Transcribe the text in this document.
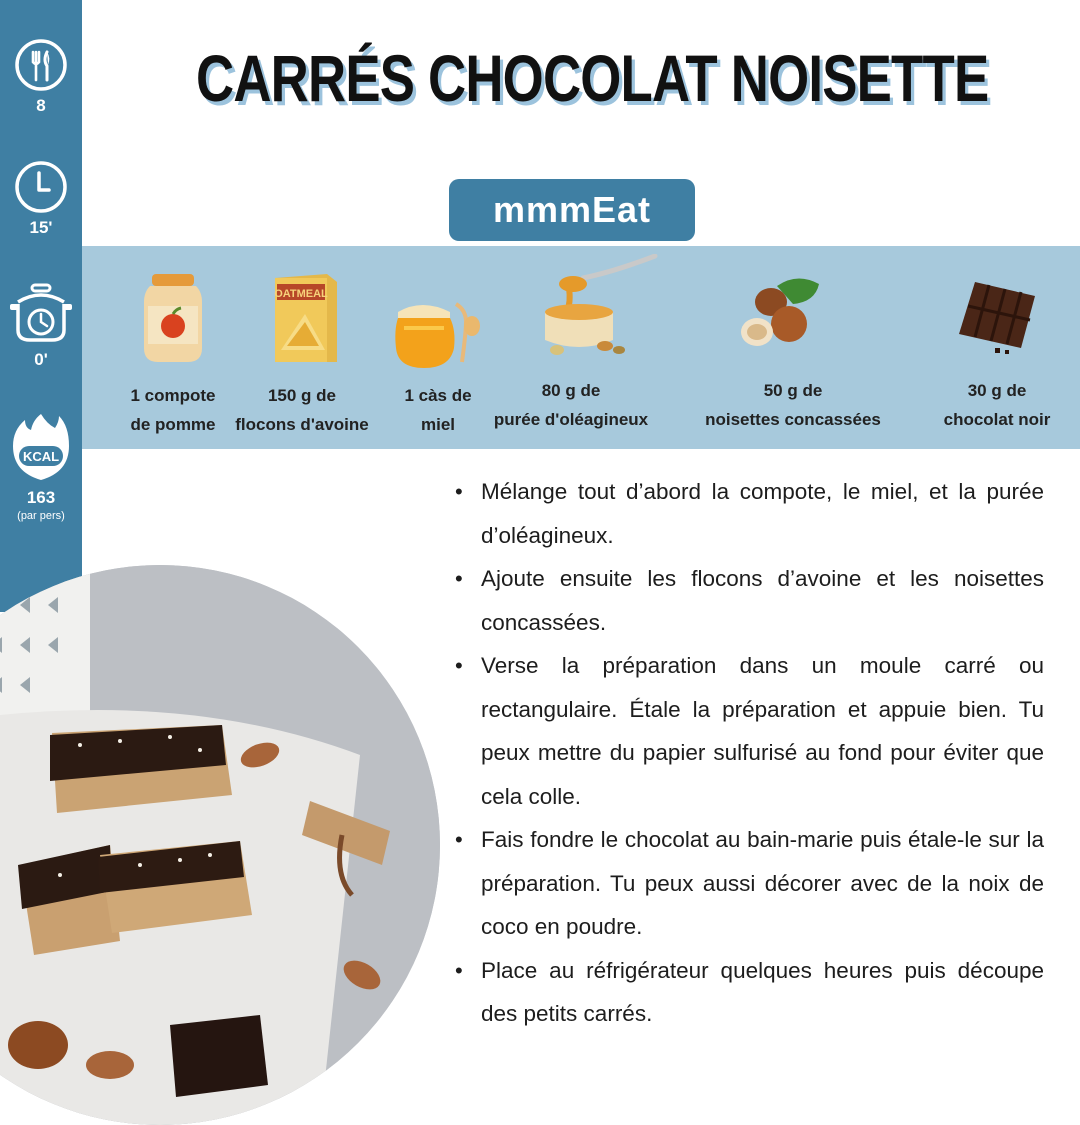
8
15'
0'
KCAL
163
(par pers)
CARRÉS CHOCOLAT NOISETTE
mmmEat
1 compote
de pomme
OATMEAL
150 g de
flocons d'avoine
1 càs de
miel
80 g de
purée d'oléagineux
50 g de
noisettes concassées
30 g de
chocolat noir
• Mélange tout d’abord la compote, le miel, et la purée d’oléagineux.
• Ajoute ensuite les flocons d’avoine et les noisettes concassées.
• Verse la préparation dans un moule carré ou rectangulaire. Étale la préparation et appuie bien. Tu peux mettre du papier sulfurisé au fond pour éviter que cela colle.
• Fais fondre le chocolat au bain-marie puis étale-le sur la préparation. Tu peux aussi décorer avec de la noix de coco en poudre.
• Place au réfrigérateur quelques heures puis découpe des petits carrés.
